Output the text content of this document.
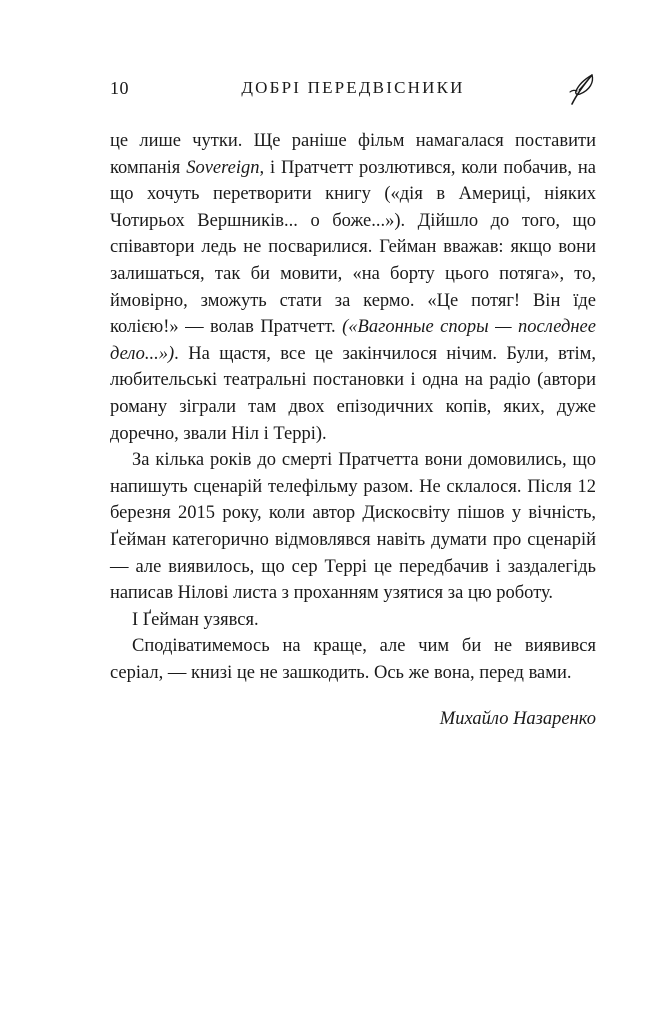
10	ДОБРІ ПЕРЕДВІСНИКИ

це лише чутки. Ще раніше фільм намагалася поставити компанія Sovereign, і Пратчетт розлютився, коли побачив, на що хочуть перетворити книгу («дія в Америці, ніяких Чотирьох Вершників... о боже...»). Дійшло до того, що співавтори ледь не посварилися. Гейман вважав: якщо вони залишаться, так би мовити, «на борту цього потяга», то, ймовірно, зможуть стати за кермо. «Це потяг! Він їде колією!» — волав Пратчетт. («Вагонные споры — последнее дело...»). На щастя, все це закінчилося нічим. Були, втім, любительські театральні постановки і одна на радіо (автори роману зіграли там двох епізодичних копів, яких, дуже доречно, звали Ніл і Террі).

За кілька років до смерті Пратчетта вони домовились, що напишуть сценарій телефільму разом. Не склалося. Після 12 березня 2015 року, коли автор Дискосвіту пішов у вічність, Ґейман категорично відмовлявся навіть думати про сценарій — але виявилось, що сер Террі це передбачив і заздалегідь написав Нілові листа з проханням узятися за цю роботу.

І Ґейман узявся.

Сподіватимемось на краще, але чим би не виявився серіал, — книзі це не зашкодить. Ось же вона, перед вами.

Михайло Назаренко
